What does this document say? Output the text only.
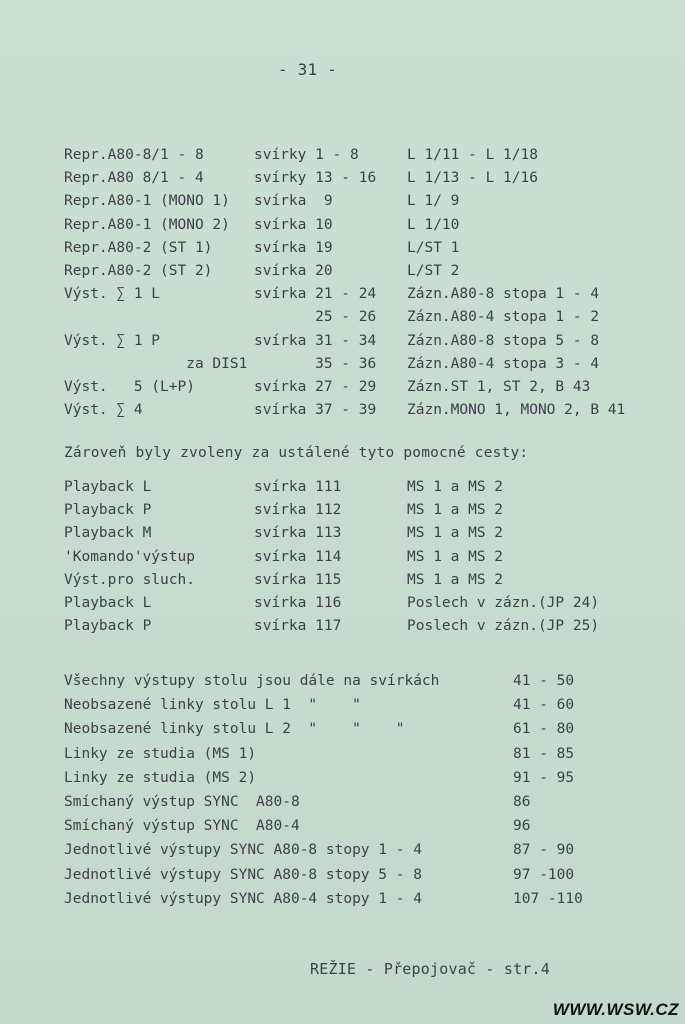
- 31 -
Repr.A80-8/1 - 8	svírky 1 - 8	L 1/11 - L 1/18
Repr.A80 8/1 - 4	svírky 13 - 16 L 1/13 - L 1/16
Repr.A80-1 (MONO 1) svírka  9	L 1/ 9
Repr.A80-1 (MONO 2) svírka 10	L 1/10
Repr.A80-2 (ST 1)	svírka 19	L/ST 1
Repr.A80-2 (ST 2)	svírka 20	L/ST 2
Výst. ∑ 1 L	svírka 21 - 24 Zázn.A80-8 stopa 1 - 4
25 - 26 Zázn.A80-4 stopa 1 - 2
Výst. ∑ 1 P	svírka 31 - 34 Zázn.A80-8 stopa 5 - 8
za DIS1 35 - 36 Zázn.A80-4 stopa 3 - 4
Výst.   5 (L+P)	svírka 27 - 29 Zázn.ST 1, ST 2, B 43
Výst. ∑ 4	svírka 37 - 39 Zázn.MONO 1, MONO 2, B 41
Zároveň byly zvoleny za ustálené tyto pomocné cesty:
Playback L	svírka 111	MS 1 a MS 2
Playback P	svírka 112	MS 1 a MS 2
Playback M	svírka 113	MS 1 a MS 2
'Komando'výstup	svírka 114	MS 1 a MS 2
Výst.pro sluch.	svírka 115	MS 1 a MS 2
Playback L	svírka 116	Poslech v zázn.(JP 24)
Playback P	svírka 117	Poslech v zázn.(JP 25)
Všechny výstupy stolu jsou dále na svírkách	41 - 50
Neobsazené linky stolu L 1  "    "	41 - 60
Neobsazené linky stolu L 2  "    "    "	61 - 80
Linky ze studia (MS 1)	81 - 85
Linky ze studia (MS 2)	91 - 95
Smíchaný výstup SYNC  A80-8	86
Smíchaný výstup SYNC  A80-4	96
Jednotlivé výstupy SYNC A80-8 stopy 1 - 4	87 - 90
Jednotlivé výstupy SYNC A80-8 stopy 5 - 8	97 -100
Jednotlivé výstupy SYNC A80-4 stopy 1 - 4	107 -110
REŽIE - Přepojovač - str.4
WWW.WSW.CZ
